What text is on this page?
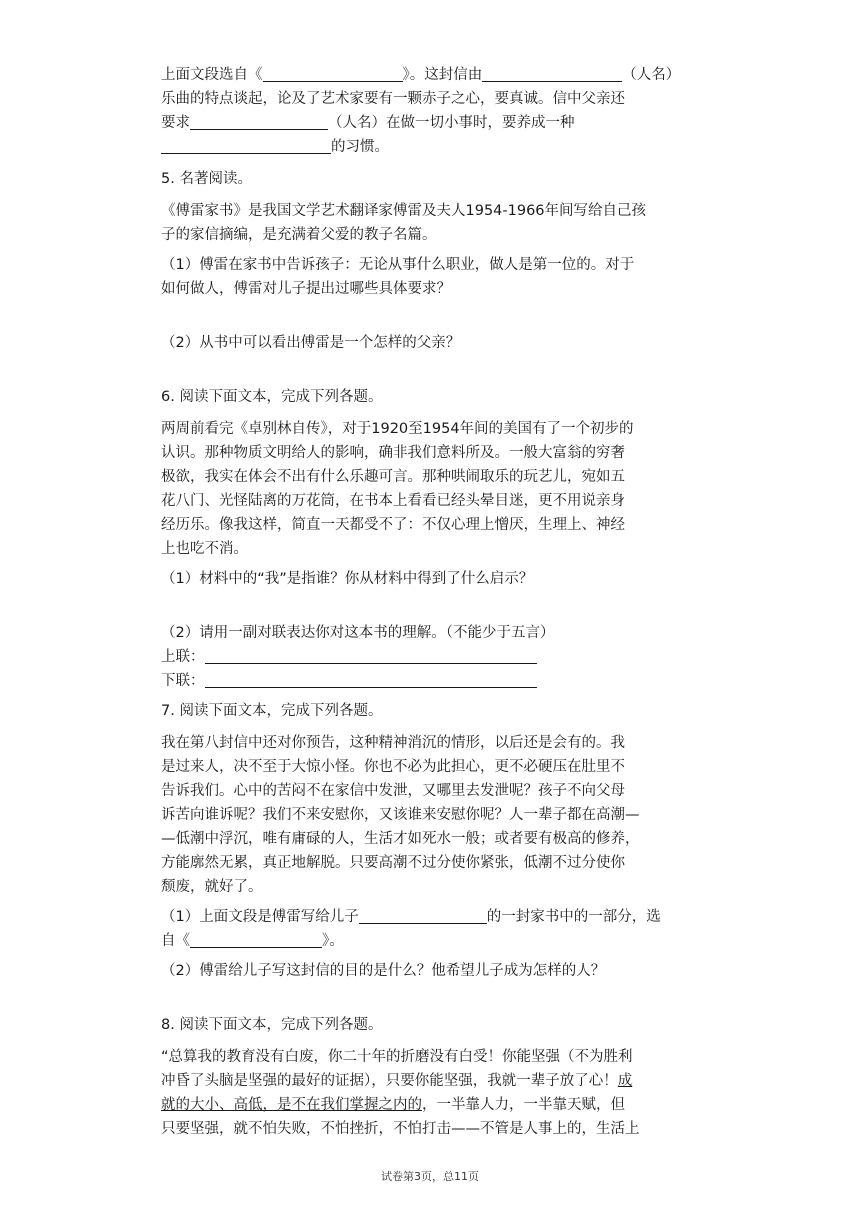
上面文段选自《	》。这封信由	（人名）

乐曲的特点谈起，论及了艺术家要有一颗赤子之心，要真诚。信中父亲还

要求	（人名）在做一切小事时，要养成一种

的习惯。

5. 名著阅读。

《傅雷家书》是我国文学艺术翻译家傅雷及夫人1954-1966年间写给自己孩

子的家信摘编，是充满着父爱的教子名篇。

（1）傅雷在家书中告诉孩子：无论从事什么职业，做人是第一位的。对于

如何做人，傅雷对儿子提出过哪些具体要求？

（2）从书中可以看出傅雷是一个怎样的父亲？

6. 阅读下面文本，完成下列各题。

两周前看完《卓别林自传》，对于1920至1954年间的美国有了一个初步的

认识。那种物质文明给人的影响，确非我们意料所及。一般大富翁的穷奢

极欲，我实在体会不出有什么乐趣可言。那种哄闹取乐的玩艺儿，宛如五

花八门、光怪陆离的万花筒，在书本上看看已经头晕目迷，更不用说亲身

经历乐。像我这样，简直一天都受不了：不仅心理上憎厌，生理上、神经

上也吃不消。

（1）材料中的“我”是指谁？你从材料中得到了什么启示？

（2）请用一副对联表达你对这本书的理解。（不能少于五言）

上联：

下联：

7. 阅读下面文本，完成下列各题。

我在第八封信中还对你预告，这种精神消沉的情形，以后还是会有的。我

是过来人，决不至于大惊小怪。你也不必为此担心，更不必硬压在肚里不

告诉我们。心中的苦闷不在家信中发泄，又哪里去发泄呢？孩子不向父母

诉苦向谁诉呢？我们不来安慰你，又该谁来安慰你呢？人一辈子都在高潮—

—低潮中浮沉，唯有庸碌的人，生活才如死水一般；或者要有极高的修养，

方能廓然无累，真正地解脱。只要高潮不过分使你紧张，低潮不过分使你

颓废，就好了。

（1）上面文段是傅雷写给儿子	的一封家书中的一部分，选

自《	》。

（2）傅雷给儿子写这封信的目的是什么？他希望儿子成为怎样的人？

8. 阅读下面文本，完成下列各题。

“总算我的教育没有白废，你二十年的折磨没有白受！你能坚强（不为胜利

冲昏了头脑是坚强的最好的证据），只要你能坚强，我就一辈子放了心！成

就的大小、高低，是不在我们掌握之内的，一半靠人力，一半靠天赋，但

只要坚强，就不怕失败，不怕挫折，不怕打击——不管是人事上的，生活上

试卷第3页，总11页
